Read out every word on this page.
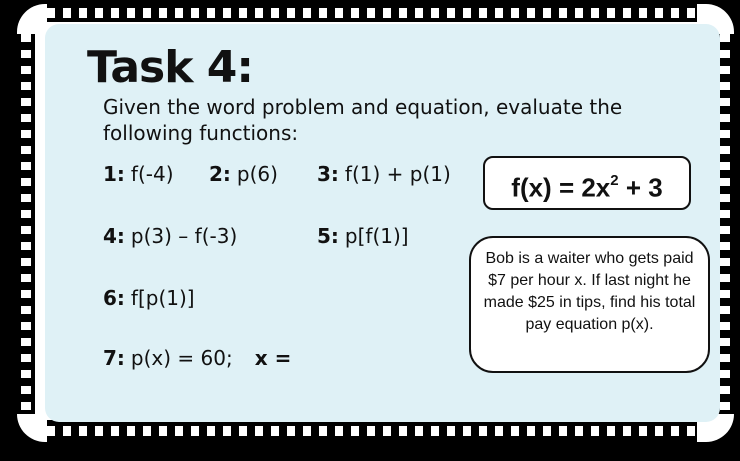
Task 4:
Given the word problem and equation, evaluate the following functions:
1: f(-4) 2: p(6) 3: f(1) + p(1)
4: p(3) – f(-3)	5: p[f(1)]
6: f[p(1)]
7: p(x) = 60; x =
$f(x) = 2x^2 + 3$
Bob is a waiter who gets paid $7 per hour x. If last night he made $25 in tips, find his total pay equation p(x).
